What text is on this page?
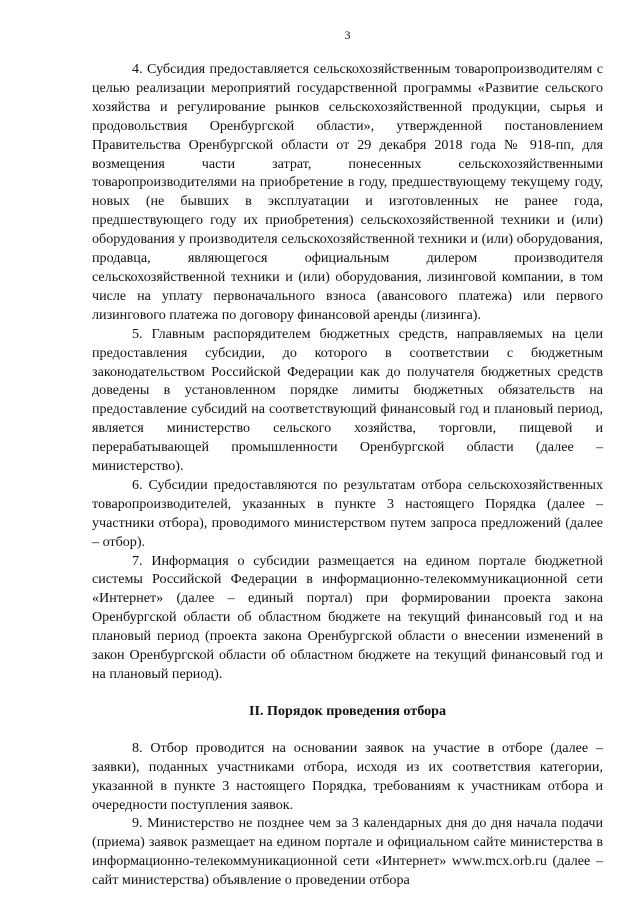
3

4. Субсидия предоставляется сельскохозяйственным товаропроизводителям с целью реализации мероприятий государственной программы «Развитие сельского хозяйства и регулирование рынков сельскохозяйственной продукции, сырья и продовольствия Оренбургской области», утвержденной постановлением Правительства Оренбургской области от 29 декабря 2018 года № 918-пп, для возмещения части затрат, понесенных сельскохозяйственными товаропроизводителями на приобретение в году, предшествующему текущему году, новых (не бывших в эксплуатации и изготовленных не ранее года, предшествующего году их приобретения) сельскохозяйственной техники и (или) оборудования у производителя сельскохозяйственной техники и (или) оборудования, продавца, являющегося официальным дилером производителя сельскохозяйственной техники и (или) оборудования, лизинговой компании, в том числе на уплату первоначального взноса (авансового платежа) или первого лизингового платежа по договору финансовой аренды (лизинга).

5. Главным распорядителем бюджетных средств, направляемых на цели предоставления субсидии, до которого в соответствии с бюджетным законодательством Российской Федерации как до получателя бюджетных средств доведены в установленном порядке лимиты бюджетных обязательств на предоставление субсидий на соответствующий финансовый год и плановый период, является министерство сельского хозяйства, торговли, пищевой и перерабатывающей промышленности Оренбургской области (далее – министерство).

6. Субсидии предоставляются по результатам отбора сельскохозяйственных товаропроизводителей, указанных в пункте 3 настоящего Порядка (далее – участники отбора), проводимого министерством путем запроса предложений (далее – отбор).

7. Информация о субсидии размещается на едином портале бюджетной системы Российской Федерации в информационно-телекоммуникационной сети «Интернет» (далее – единый портал) при формировании проекта закона Оренбургской области об областном бюджете на текущий финансовый год и на плановый период (проекта закона Оренбургской области о внесении изменений в закон Оренбургской области об областном бюджете на текущий финансовый год и на плановый период).

II. Порядок проведения отбора

8. Отбор проводится на основании заявок на участие в отборе (далее – заявки), поданных участниками отбора, исходя из их соответствия категории, указанной в пункте 3 настоящего Порядка, требованиям к участникам отбора и очередности поступления заявок.

9. Министерство не позднее чем за 3 календарных дня до дня начала подачи (приема) заявок размещает на едином портале и официальном сайте министерства в информационно-телекоммуникационной сети «Интернет» www.mcx.orb.ru (далее – сайт министерства) объявление о проведении отбора
